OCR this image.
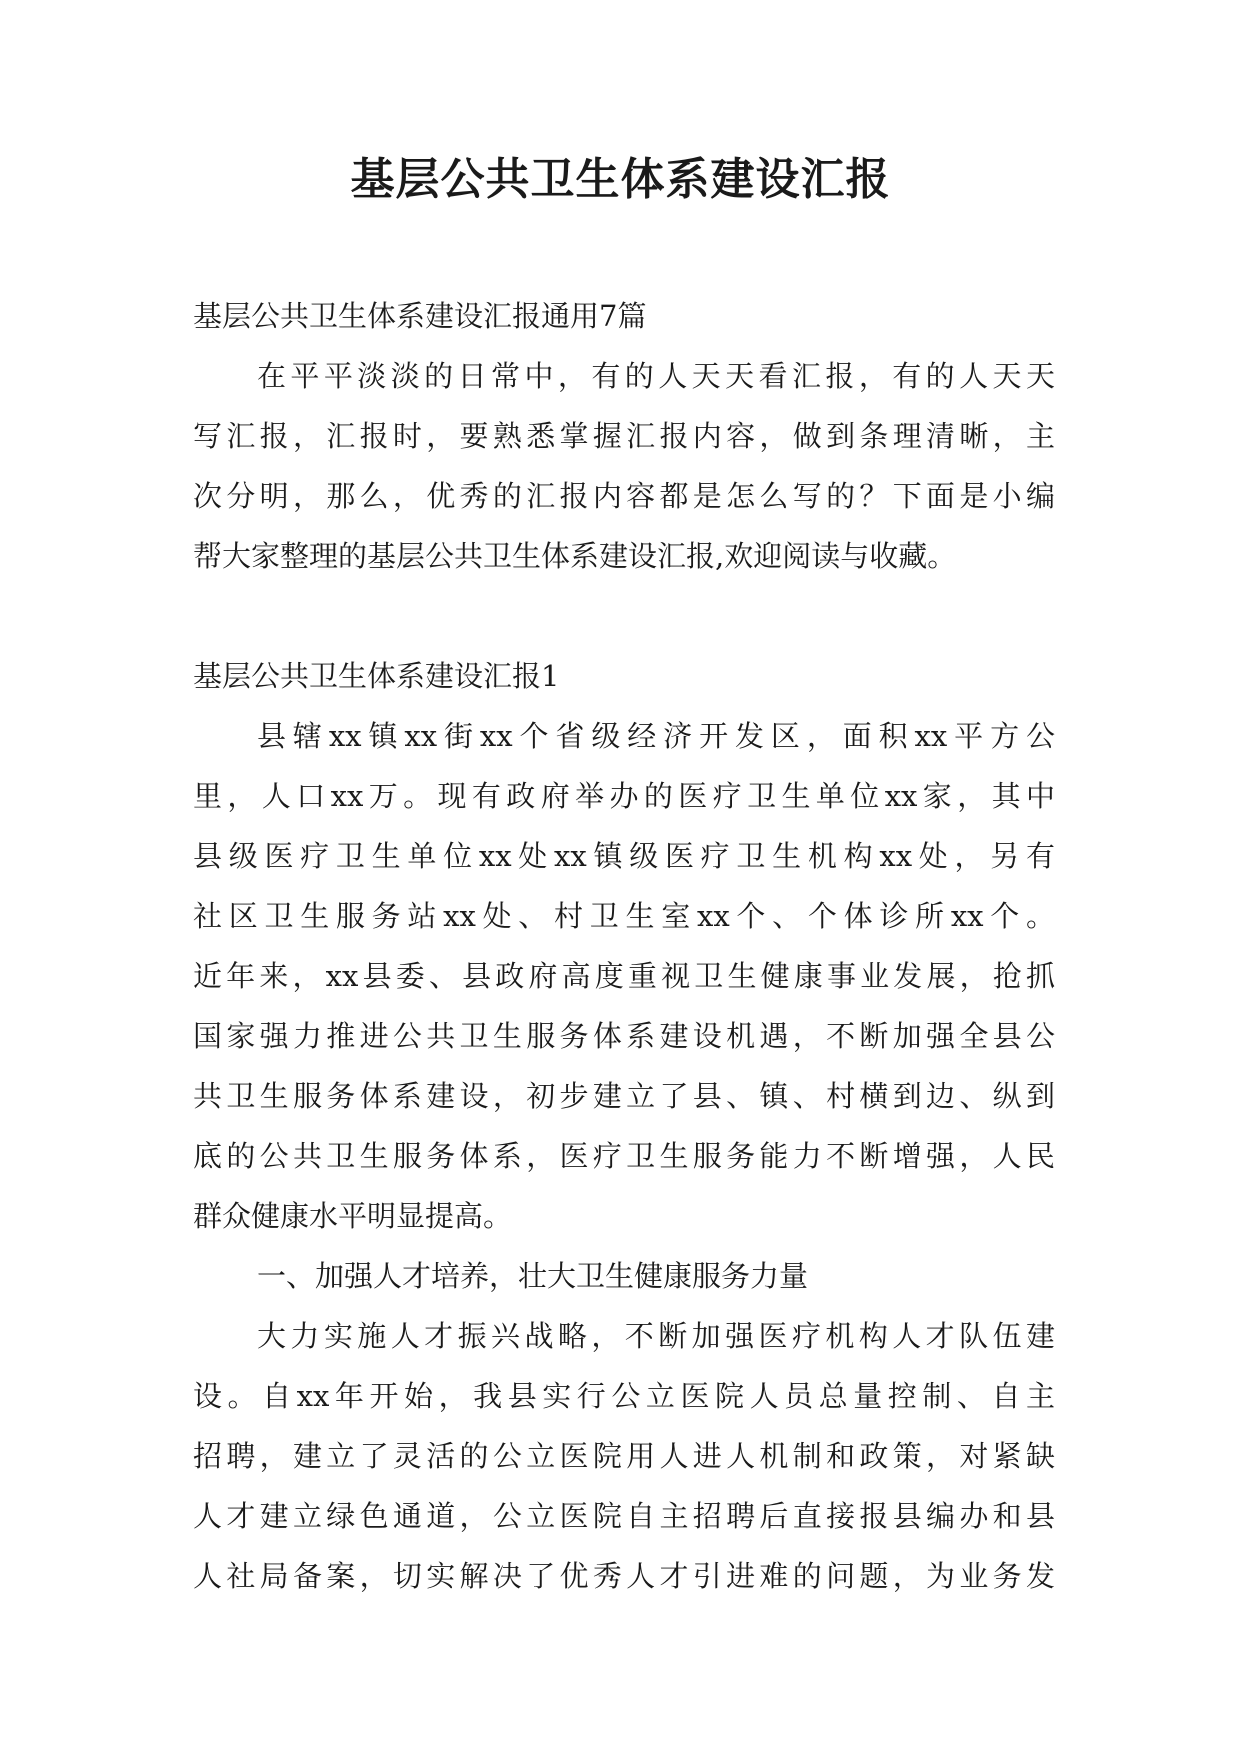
基层公共卫生体系建设汇报

基层公共卫生体系建设汇报通用7篇

在平平淡淡的日常中，有的人天天看汇报，有的人天天

写汇报，汇报时，要熟悉掌握汇报内容，做到条理清晰，主

次分明，那么，优秀的汇报内容都是怎么写的？下面是小编

帮大家整理的基层公共卫生体系建设汇报,欢迎阅读与收藏。

基层公共卫生体系建设汇报1

县辖xx镇xx街xx个省级经济开发区，面积xx平方公

里，人口xx万。现有政府举办的医疗卫生单位xx家，其中

县级医疗卫生单位xx处xx镇级医疗卫生机构xx处，另有

社区卫生服务站xx处、村卫生室xx个、个体诊所xx个。

近年来，xx县委、县政府高度重视卫生健康事业发展，抢抓

国家强力推进公共卫生服务体系建设机遇，不断加强全县公

共卫生服务体系建设，初步建立了县、镇、村横到边、纵到

底的公共卫生服务体系，医疗卫生服务能力不断增强，人民

群众健康水平明显提高。

一、加强人才培养，壮大卫生健康服务力量

大力实施人才振兴战略，不断加强医疗机构人才队伍建

设。自xx年开始，我县实行公立医院人员总量控制、自主

招聘，建立了灵活的公立医院用人进人机制和政策，对紧缺

人才建立绿色通道，公立医院自主招聘后直接报县编办和县

人社局备案，切实解决了优秀人才引进难的问题，为业务发
